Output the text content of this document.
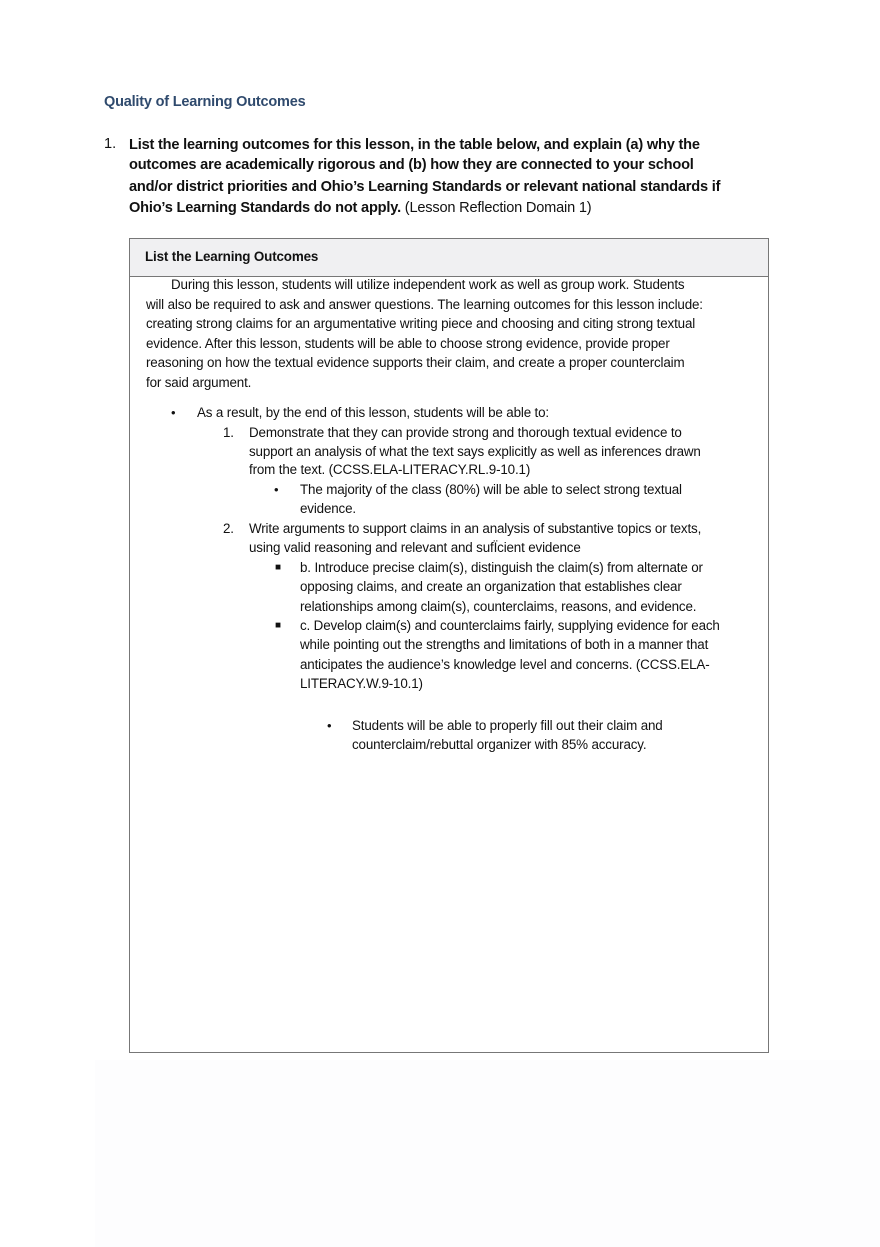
Quality of Learning Outcomes
1. List the learning outcomes for this lesson, in the table below, and explain (a) why the
outcomes are academically rigorous and (b) how they are connected to your school
and/or district priorities and Ohio’s Learning Standards or relevant national standards if
Ohio’s Learning Standards do not apply. (Lesson Reflection Domain 1)
List the Learning Outcomes
During this lesson, students will utilize independent work as well as group work. Students
will also be required to ask and answer questions. The learning outcomes for this lesson include:
creating strong claims for an argumentative writing piece and choosing and citing strong textual
evidence. After this lesson, students will be able to choose strong evidence, provide proper
reasoning on how the textual evidence supports their claim, and create a proper counterclaim
for said argument.
• As a result, by the end of this lesson, students will be able to:
1. Demonstrate that they can provide strong and thorough textual evidence to
support an analysis of what the text says explicitly as well as inferences drawn
from the text. (CCSS.ELA-LITERACY.RL.9-10.1)
• The majority of the class (80%) will be able to select strong textual
evidence.
2. Write arguments to support claims in an analysis of substantive topics or texts,
using valid reasoning and relevant and sufÏcient evidence
■ b. Introduce precise claim(s), distinguish the claim(s) from alternate or
opposing claims, and create an organization that establishes clear
relationships among claim(s), counterclaims, reasons, and evidence.
■ c. Develop claim(s) and counterclaims fairly, supplying evidence for each
while pointing out the strengths and limitations of both in a manner that
anticipates the audience’s knowledge level and concerns. (CCSS.ELA-
LITERACY.W.9-10.1)
• Students will be able to properly fill out their claim and
counterclaim/rebuttal organizer with 85% accuracy.
